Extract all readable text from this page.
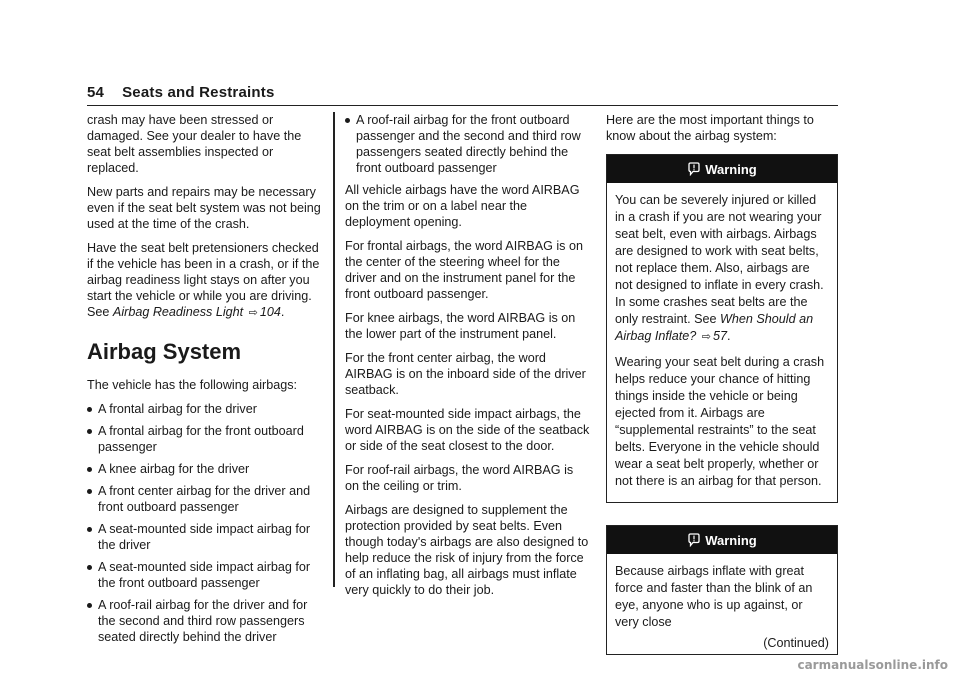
54 Seats and Restraints

crash may have been stressed or damaged. See your dealer to have the seat belt assemblies inspected or replaced.

New parts and repairs may be necessary even if the seat belt system was not being used at the time of the crash.

Have the seat belt pretensioners checked if the vehicle has been in a crash, or if the airbag readiness light stays on after you start the vehicle or while you are driving. See Airbag Readiness Light ⇨ 104.

Airbag System

The vehicle has the following airbags:

A frontal airbag for the driver
A frontal airbag for the front outboard passenger
A knee airbag for the driver
A front center airbag for the driver and front outboard passenger
A seat-mounted side impact airbag for the driver
A seat-mounted side impact airbag for the front outboard passenger
A roof-rail airbag for the driver and for the second and third row passengers seated directly behind the driver
A roof-rail airbag for the front outboard passenger and the second and third row passengers seated directly behind the front outboard passenger

All vehicle airbags have the word AIRBAG on the trim or on a label near the deployment opening.

For frontal airbags, the word AIRBAG is on the center of the steering wheel for the driver and on the instrument panel for the front outboard passenger.

For knee airbags, the word AIRBAG is on the lower part of the instrument panel.

For the front center airbag, the word AIRBAG is on the inboard side of the driver seatback.

For seat-mounted side impact airbags, the word AIRBAG is on the side of the seatback or side of the seat closest to the door.

For roof-rail airbags, the word AIRBAG is on the ceiling or trim.

Airbags are designed to supplement the protection provided by seat belts. Even though today's airbags are also designed to help reduce the risk of injury from the force of an inflating bag, all airbags must inflate very quickly to do their job.

Here are the most important things to know about the airbag system:

Warning

You can be severely injured or killed in a crash if you are not wearing your seat belt, even with airbags. Airbags are designed to work with seat belts, not replace them. Also, airbags are not designed to inflate in every crash. In some crashes seat belts are the only restraint. See When Should an Airbag Inflate? ⇨ 57.

Wearing your seat belt during a crash helps reduce your chance of hitting things inside the vehicle or being ejected from it. Airbags are “supplemental restraints” to the seat belts. Everyone in the vehicle should wear a seat belt properly, whether or not there is an airbag for that person.

Warning

Because airbags inflate with great force and faster than the blink of an eye, anyone who is up against, or very close

(Continued)
carmanualsonline.info
